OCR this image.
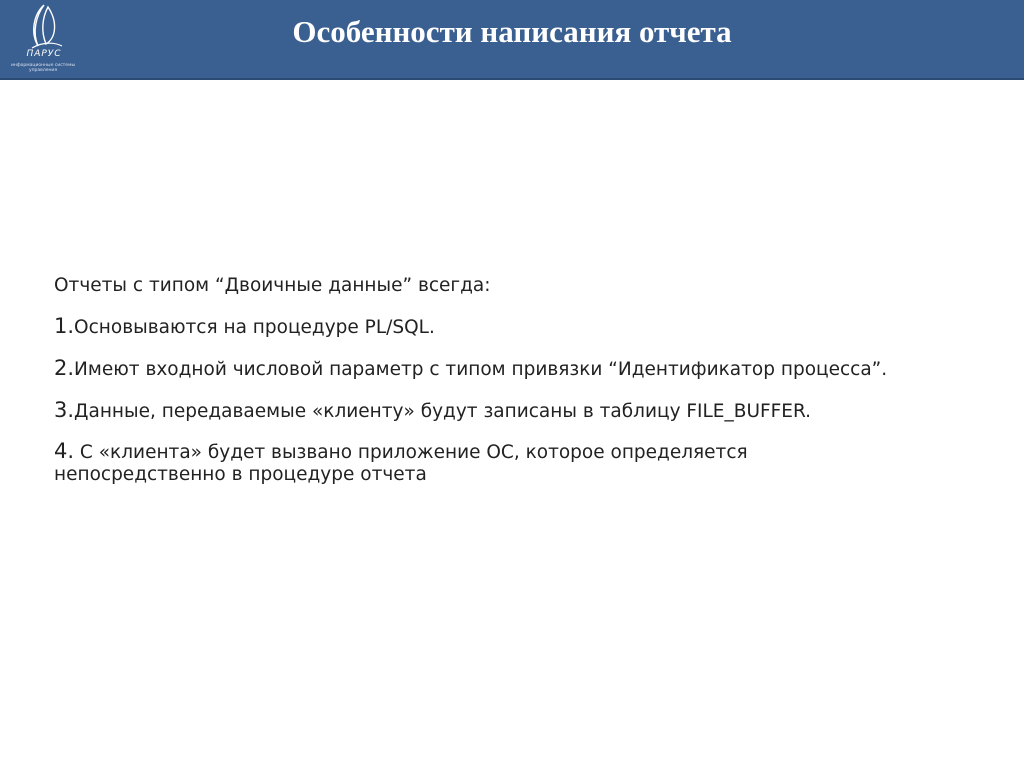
ПАРУС
информационные системы управления
Особенности написания отчета
Отчеты с типом “Двоичные данные” всегда:
1.Основываются на процедуре PL/SQL.
2.Имеют входной числовой параметр с типом привязки “Идентификатор процесса”.
3.Данные, передаваемые «клиенту» будут записаны в таблицу FILE_BUFFER.
4. С «клиента» будет вызвано приложение ОС, которое определяется непосредственно в процедуре отчета
